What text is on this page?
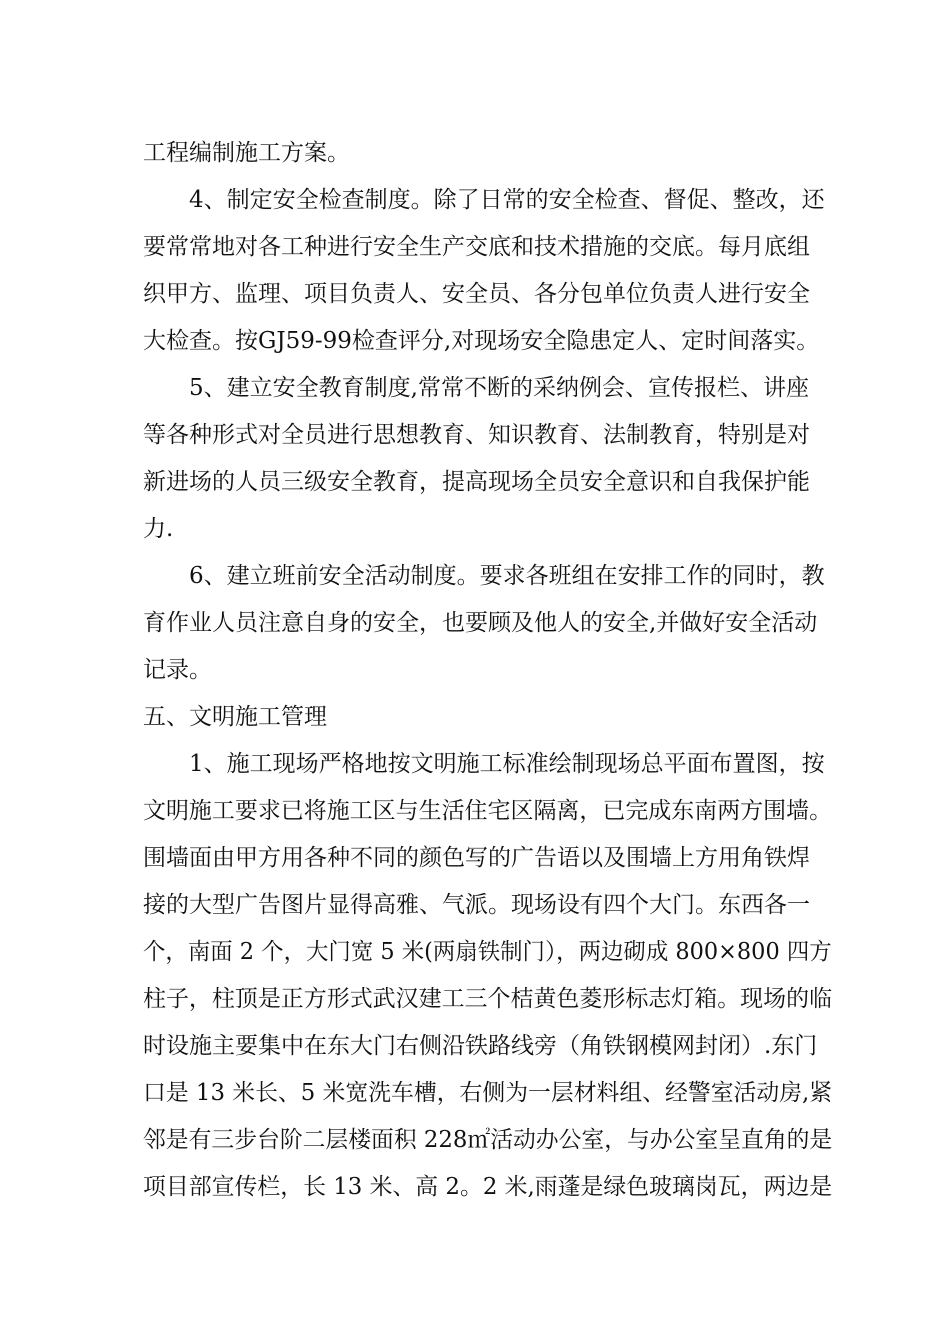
工程编制施工方案。
4、制定安全检查制度。除了日常的安全检查、督促、整改，还
要常常地对各工种进行安全生产交底和技术措施的交底。每月底组
织甲方、监理、项目负责人、安全员、各分包单位负责人进行安全
大检查。按GJ59-99检查评分,对现场安全隐患定人、定时间落实。
5、建立安全教育制度,常常不断的采纳例会、宣传报栏、讲座
等各种形式对全员进行思想教育、知识教育、法制教育，特别是对
新进场的人员三级安全教育，提高现场全员安全意识和自我保护能
力.
6、建立班前安全活动制度。要求各班组在安排工作的同时，教
育作业人员注意自身的安全，也要顾及他人的安全,并做好安全活动
记录。
五、文明施工管理
1、施工现场严格地按文明施工标准绘制现场总平面布置图，按
文明施工要求已将施工区与生活住宅区隔离，已完成东南两方围墙。
围墙面由甲方用各种不同的颜色写的广告语以及围墙上方用角铁焊
接的大型广告图片显得高雅、气派。现场设有四个大门。东西各一
个，南面 2 个，大门宽 5 米(两扇铁制门），两边砌成 800×800 四方
柱子，柱顶是正方形式武汉建工三个桔黄色菱形标志灯箱。现场的临
时设施主要集中在东大门右侧沿铁路线旁（角铁钢模网封闭）.东门
口是 13 米长、5 米宽洗车槽，右侧为一层材料组、经警室活动房,紧
邻是有三步台阶二层楼面积 228㎡活动办公室，与办公室呈直角的是
项目部宣传栏，长 13 米、高 2。2 米,雨蓬是绿色玻璃岗瓦，两边是
